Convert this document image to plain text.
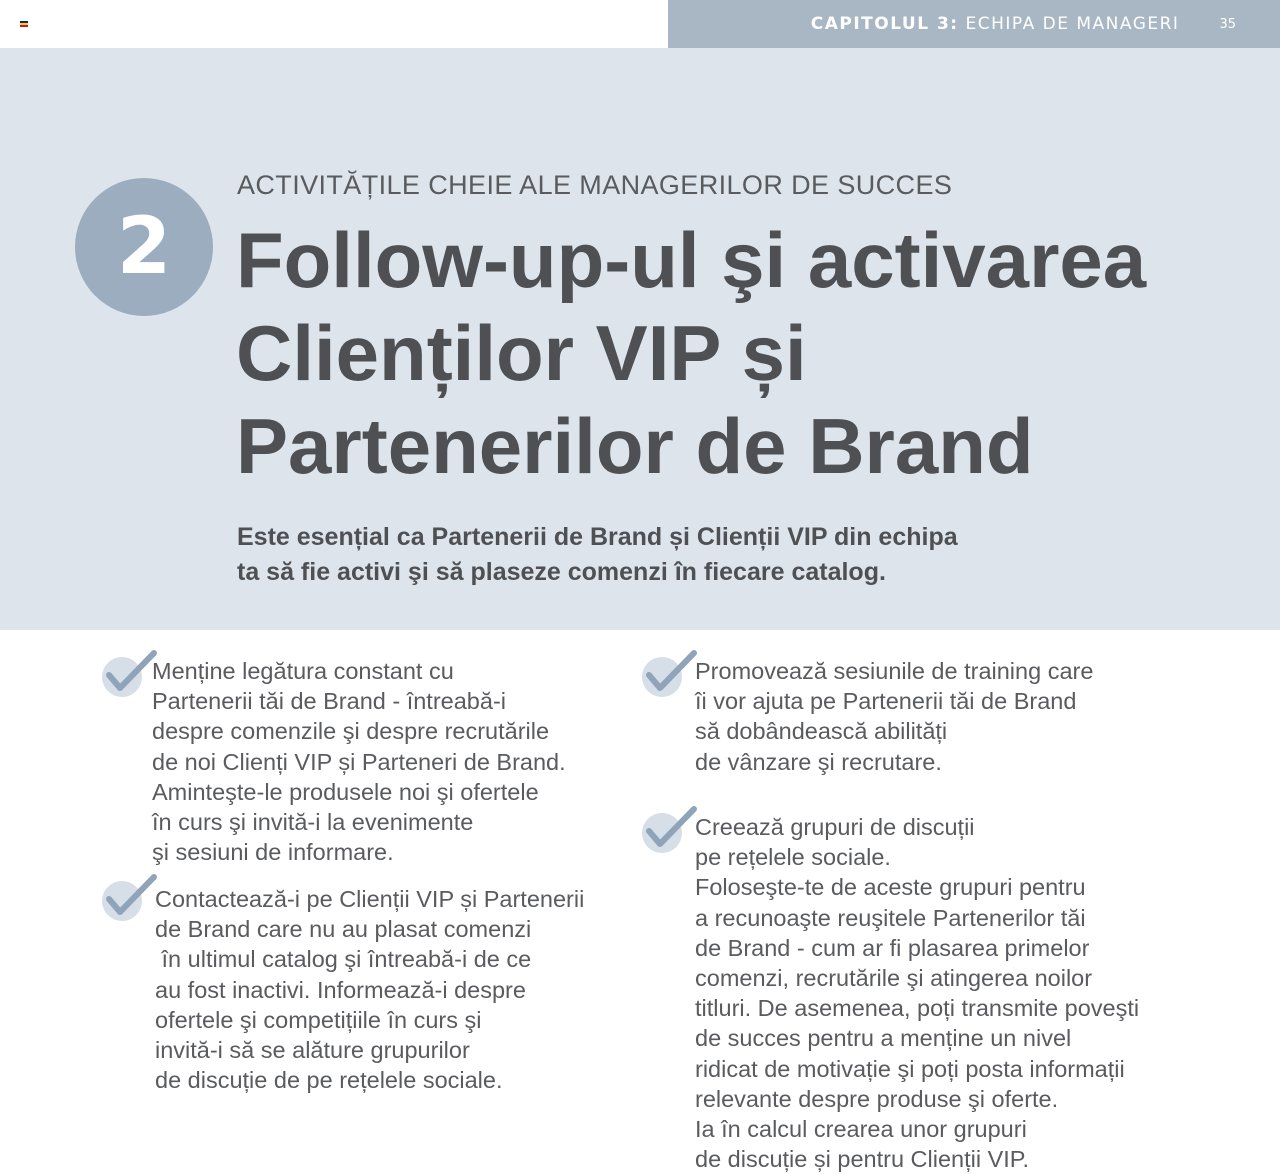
CAPITOLUL 3: ECHIPA DE MANAGERI	35
2
ACTIVITĂȚILE CHEIE ALE MANAGERILOR DE SUCCES
Follow-up-ul şi activarea
Clienților VIP și
Partenerilor de Brand
Este esențial ca Partenerii de Brand și Clienții VIP din echipa
ta să fie activi şi să plaseze comenzi în fiecare catalog.
Menține legătura constant cu
Partenerii tăi de Brand - întreabă-i
despre comenzile şi despre recrutările
de noi Clienți VIP și Parteneri de Brand.
Aminteşte-le produsele noi şi ofertele
în curs şi invită-i la evenimente
şi sesiuni de informare.
Contactează-i pe Clienții VIP și Partenerii
de Brand care nu au plasat comenzi
în ultimul catalog şi întreabă-i de ce
au fost inactivi. Informează-i despre
ofertele şi competițiile în curs şi
invită-i să se alăture grupurilor
de discuție de pe rețelele sociale.
Promovează sesiunile de training care
îi vor ajuta pe Partenerii tăi de Brand
să dobândească abilități
de vânzare şi recrutare.
Creează grupuri de discuții
pe rețelele sociale.
Foloseşte-te de aceste grupuri pentru
a recunoaşte reuşitele Partenerilor tăi
de Brand - cum ar fi plasarea primelor
comenzi, recrutările şi atingerea noilor
titluri. De asemenea, poți transmite poveşti
de succes pentru a menține un nivel
ridicat de motivație şi poți posta informații
relevante despre produse şi oferte.
Ia în calcul crearea unor grupuri
de discuție și pentru Clienții VIP.
